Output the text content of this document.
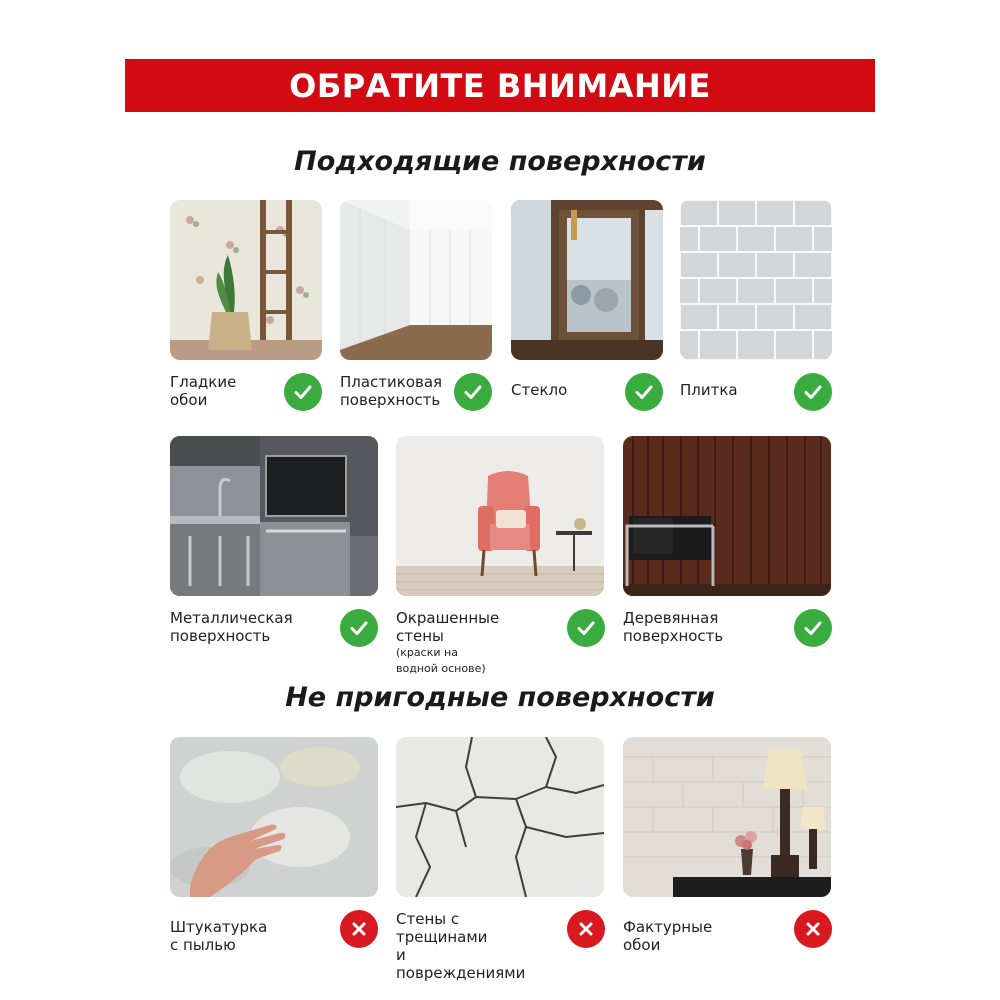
ОБРАТИТЕ ВНИМАНИЕ
Подходящие поверхности
Гладкие
обои
Пластиковая
поверхность
Стекло	Плитка
Металлическая
поверхность
Окрашенные стены
(краски на водной основе)
Деревянная
поверхность
Не пригодные поверхности
Штукатурка с пылью
Стены с трещинами
и повреждениями
Фактурные обои
